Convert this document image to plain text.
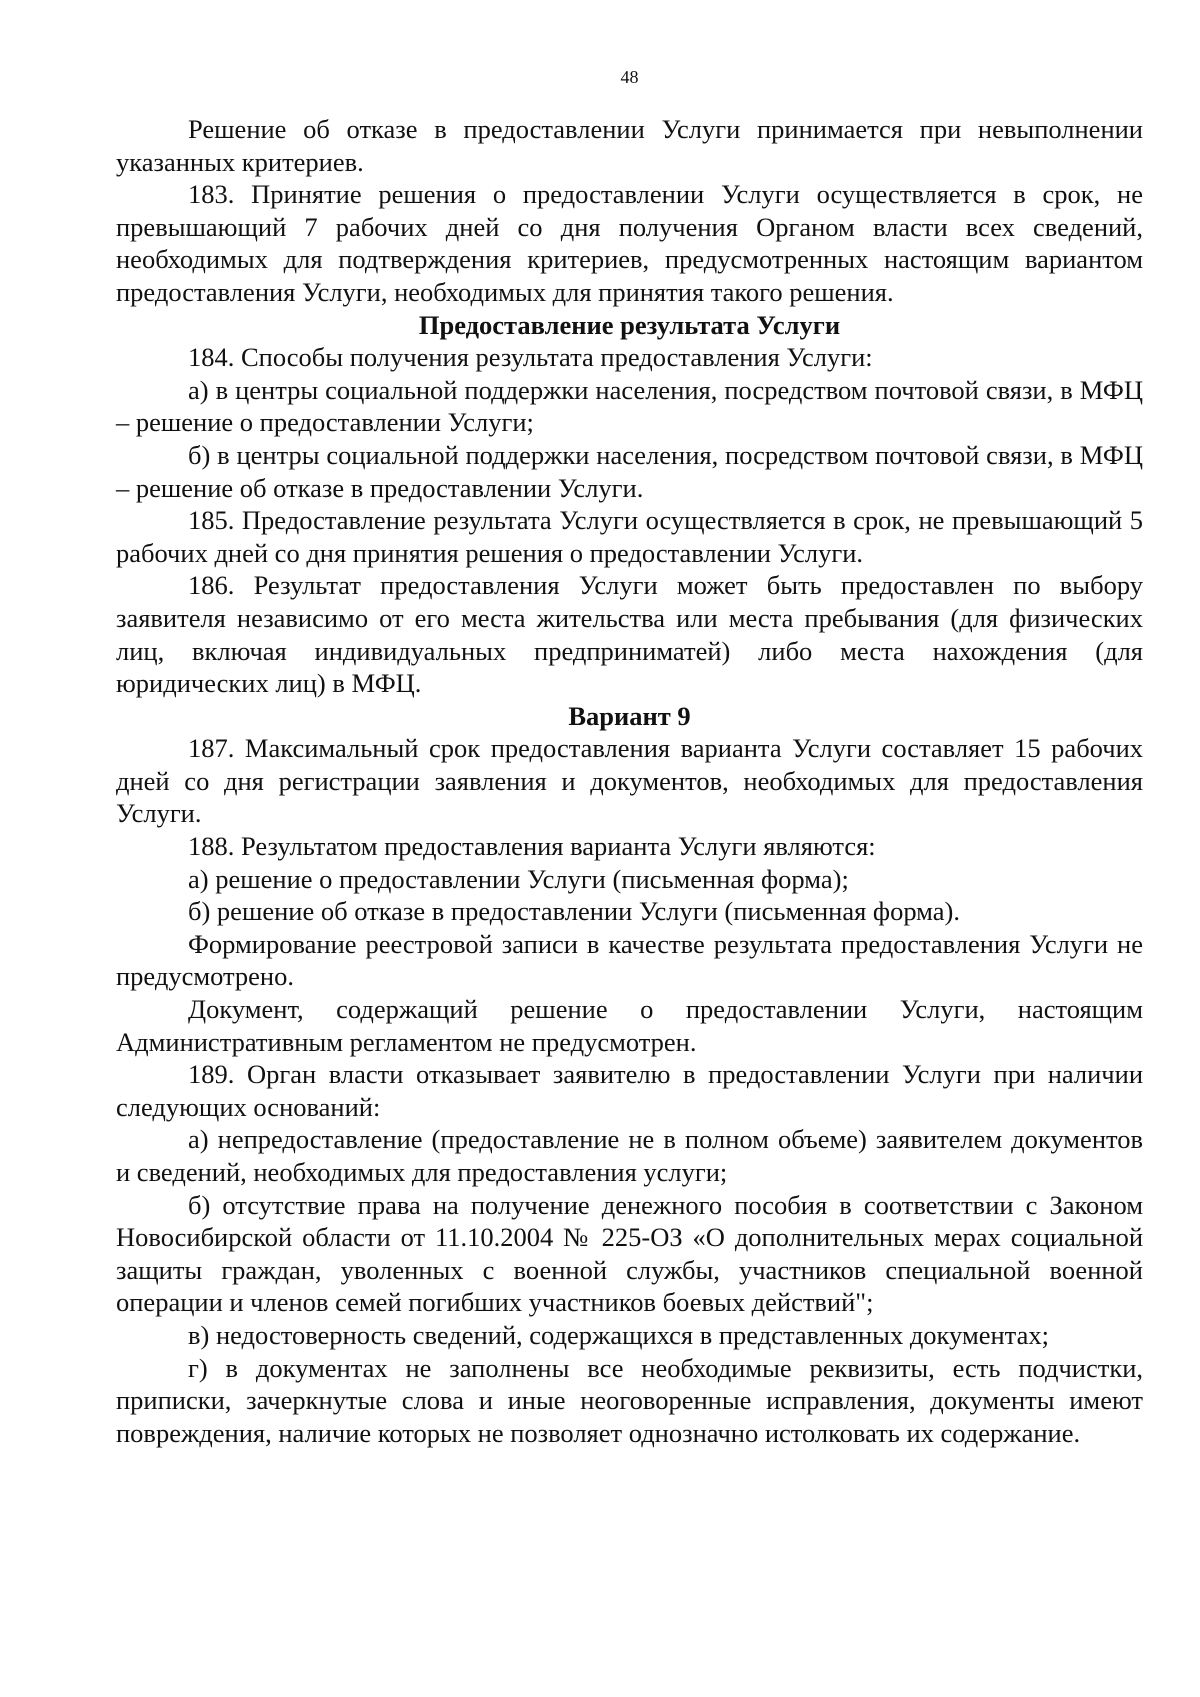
48

Решение об отказе в предоставлении Услуги принимается при невыполнении указанных критериев.

183. Принятие решения о предоставлении Услуги осуществляется в срок, не превышающий 7 рабочих дней со дня получения Органом власти всех сведений, необходимых для подтверждения критериев, предусмотренных настоящим вариантом предоставления Услуги, необходимых для принятия такого решения.

Предоставление результата Услуги

184. Способы получения результата предоставления Услуги:

а) в центры социальной поддержки населения, посредством почтовой связи, в МФЦ – решение о предоставлении Услуги;

б) в центры социальной поддержки населения, посредством почтовой связи, в МФЦ – решение об отказе в предоставлении Услуги.

185. Предоставление результата Услуги осуществляется в срок, не превышающий 5 рабочих дней со дня принятия решения о предоставлении Услуги.

186. Результат предоставления Услуги может быть предоставлен по выбору заявителя независимо от его места жительства или места пребывания (для физических лиц, включая индивидуальных предприниматей) либо места нахождения (для юридических лиц) в МФЦ.

Вариант 9

187. Максимальный срок предоставления варианта Услуги составляет 15 рабочих дней со дня регистрации заявления и документов, необходимых для предоставления Услуги.

188. Результатом предоставления варианта Услуги являются:

а) решение о предоставлении Услуги (письменная форма);

б) решение об отказе в предоставлении Услуги (письменная форма).

Формирование реестровой записи в качестве результата предоставления Услуги не предусмотрено.

Документ, содержащий решение о предоставлении Услуги, настоящим Административным регламентом не предусмотрен.

189. Орган власти отказывает заявителю в предоставлении Услуги при наличии следующих оснований:

а) непредоставление (предоставление не в полном объеме) заявителем документов и сведений, необходимых для предоставления услуги;

б) отсутствие права на получение денежного пособия в соответствии с Законом Новосибирской области от 11.10.2004 № 225-ОЗ «О дополнительных мерах социальной защиты граждан, уволенных с военной службы, участников специальной военной операции и членов семей погибших участников боевых действий";

в) недостоверность сведений, содержащихся в представленных документах;

г) в документах не заполнены все необходимые реквизиты, есть подчистки, приписки, зачеркнутые слова и иные неоговоренные исправления, документы имеют повреждения, наличие которых не позволяет однозначно истолковать их содержание.
